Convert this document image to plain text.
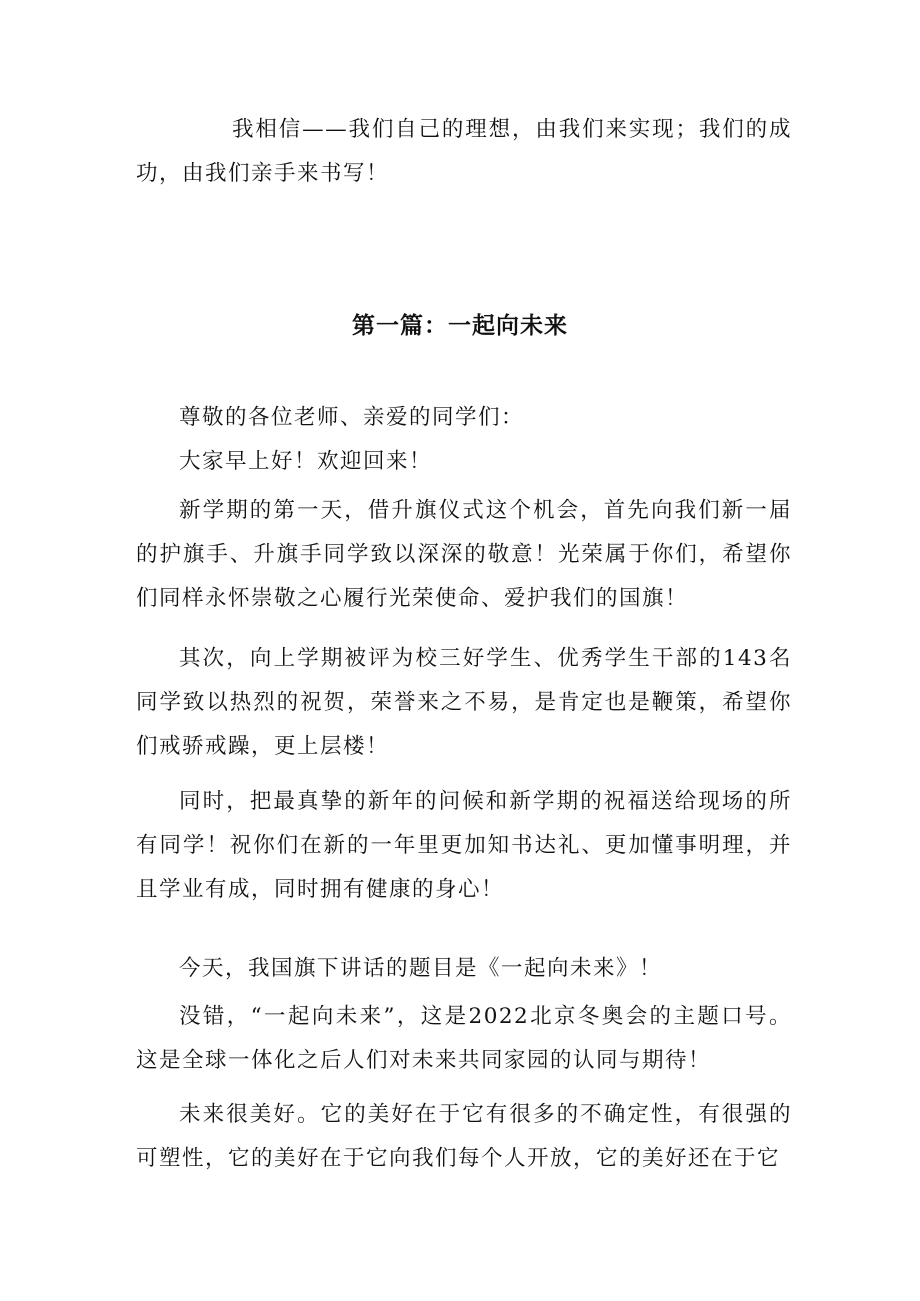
我相信——我们自己的理想，由我们来实现；我们的成功，由我们亲手来书写！

第一篇：一起向未来

尊敬的各位老师、亲爱的同学们：

大家早上好！欢迎回来！

新学期的第一天，借升旗仪式这个机会，首先向我们新一届的护旗手、升旗手同学致以深深的敬意！光荣属于你们，希望你们同样永怀崇敬之心履行光荣使命、爱护我们的国旗！

其次，向上学期被评为校三好学生、优秀学生干部的143名同学致以热烈的祝贺，荣誉来之不易，是肯定也是鞭策，希望你们戒骄戒躁，更上层楼！

同时，把最真挚的新年的问候和新学期的祝福送给现场的所有同学！祝你们在新的一年里更加知书达礼、更加懂事明理，并且学业有成，同时拥有健康的身心！

今天，我国旗下讲话的题目是《一起向未来》！

没错，“一起向未来”，这是2022北京冬奥会的主题口号。这是全球一体化之后人们对未来共同家园的认同与期待！

未来很美好。它的美好在于它有很多的不确定性，有很强的可塑性，它的美好在于它向我们每个人开放，它的美好还在于它
